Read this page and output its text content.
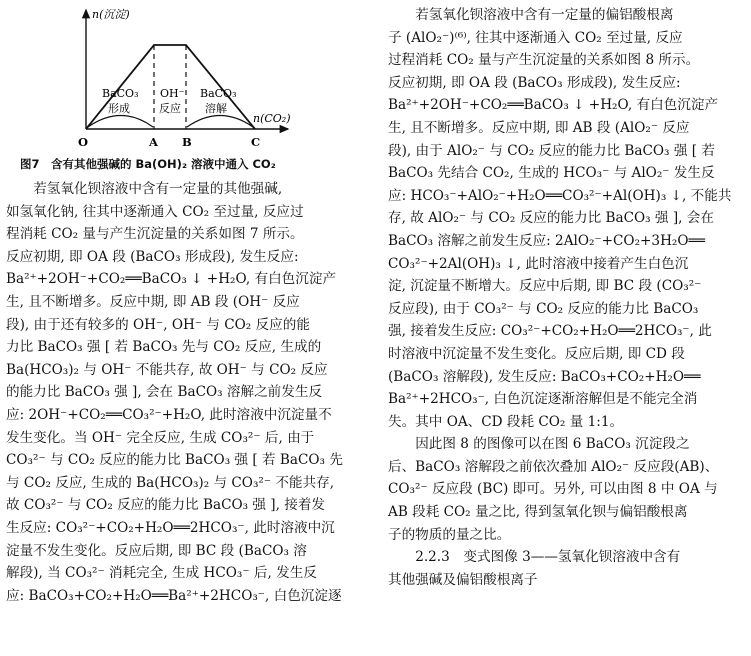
n(沉淀)
n(CO₂)
O	A B	C
BaCO₃
形成
OH⁻
反应
BaCO₃
溶解
图7　含有其他强碱的 Ba(OH)₂ 溶液中通入 CO₂

若氢氧化钡溶液中含有一定量的其他强碱,
如氢氧化钠, 往其中逐渐通入 CO₂ 至过量, 反应过
程消耗 CO₂ 量与产生沉淀量的关系如图 7 所示。
反应初期, 即 OA 段 (BaCO₃ 形成段), 发生反应:
Ba²⁺+2OH⁻+CO₂══BaCO₃ ↓ +H₂O, 有白色沉淀产
生, 且不断增多。反应中期, 即 AB 段 (OH⁻ 反应
段), 由于还有较多的 OH⁻, OH⁻ 与 CO₂ 反应的能
力比 BaCO₃ 强 [ 若 BaCO₃ 先与 CO₂ 反应, 生成的
Ba(HCO₃)₂ 与 OH⁻ 不能共存, 故 OH⁻ 与 CO₂ 反应
的能力比 BaCO₃ 强 ], 会在 BaCO₃ 溶解之前发生反
应: 2OH⁻+CO₂══CO₃²⁻+H₂O, 此时溶液中沉淀量不
发生变化。当 OH⁻ 完全反应, 生成 CO₃²⁻ 后, 由于
CO₃²⁻ 与 CO₂ 反应的能力比 BaCO₃ 强 [ 若 BaCO₃ 先
与 CO₂ 反应, 生成的 Ba(HCO₃)₂ 与 CO₃²⁻ 不能共存,
故 CO₃²⁻ 与 CO₂ 反应的能力比 BaCO₃ 强 ], 接着发
生反应: CO₃²⁻+CO₂+H₂O══2HCO₃⁻, 此时溶液中沉
淀量不发生变化。反应后期, 即 BC 段 (BaCO₃ 溶
解段), 当 CO₃²⁻ 消耗完全, 生成 HCO₃⁻ 后, 发生反
应: BaCO₃+CO₂+H₂O══Ba²⁺+2HCO₃⁻, 白色沉淀逐

若氢氧化钡溶液中含有一定量的偏铝酸根离
子 (AlO₂⁻)⁽⁶⁾, 往其中逐渐通入 CO₂ 至过量, 反应
过程消耗 CO₂ 量与产生沉淀量的关系如图 8 所示。
反应初期, 即 OA 段 (BaCO₃ 形成段), 发生反应:
Ba²⁺+2OH⁻+CO₂══BaCO₃ ↓ +H₂O, 有白色沉淀产
生, 且不断增多。反应中期, 即 AB 段 (AlO₂⁻ 反应
段), 由于 AlO₂⁻ 与 CO₂ 反应的能力比 BaCO₃ 强 [ 若
BaCO₃ 先结合 CO₂, 生成的 HCO₃⁻ 与 AlO₂⁻ 发生反
应: HCO₃⁻+AlO₂⁻+H₂O══CO₃²⁻+Al(OH)₃ ↓, 不能共
存, 故 AlO₂⁻ 与 CO₂ 反应的能力比 BaCO₃ 强 ], 会在
BaCO₃ 溶解之前发生反应: 2AlO₂⁻+CO₂+3H₂O══
CO₃²⁻+2Al(OH)₃ ↓, 此时溶液中接着产生白色沉
淀, 沉淀量不断增大。反应中后期, 即 BC 段 (CO₃²⁻
反应段), 由于 CO₃²⁻ 与 CO₂ 反应的能力比 BaCO₃
强, 接着发生反应: CO₃²⁻+CO₂+H₂O══2HCO₃⁻, 此
时溶液中沉淀量不发生变化。反应后期, 即 CD 段
(BaCO₃ 溶解段), 发生反应: BaCO₃+CO₂+H₂O══
Ba²⁺+2HCO₃⁻, 白色沉淀逐渐溶解但是不能完全消
失。其中 OA、CD 段耗 CO₂ 量 1:1。

因此图 8 的图像可以在图 6 BaCO₃ 沉淀段之
后、BaCO₃ 溶解段之前依次叠加 AlO₂⁻ 反应段(AB)、
CO₃²⁻ 反应段 (BC) 即可。另外, 可以由图 8 中 OA 与
AB 段耗 CO₂ 量之比, 得到氢氧化钡与偏铝酸根离
子的物质的量之比。

2.2.3　变式图像 3——氢氧化钡溶液中含有
其他强碱及偏铝酸根离子
